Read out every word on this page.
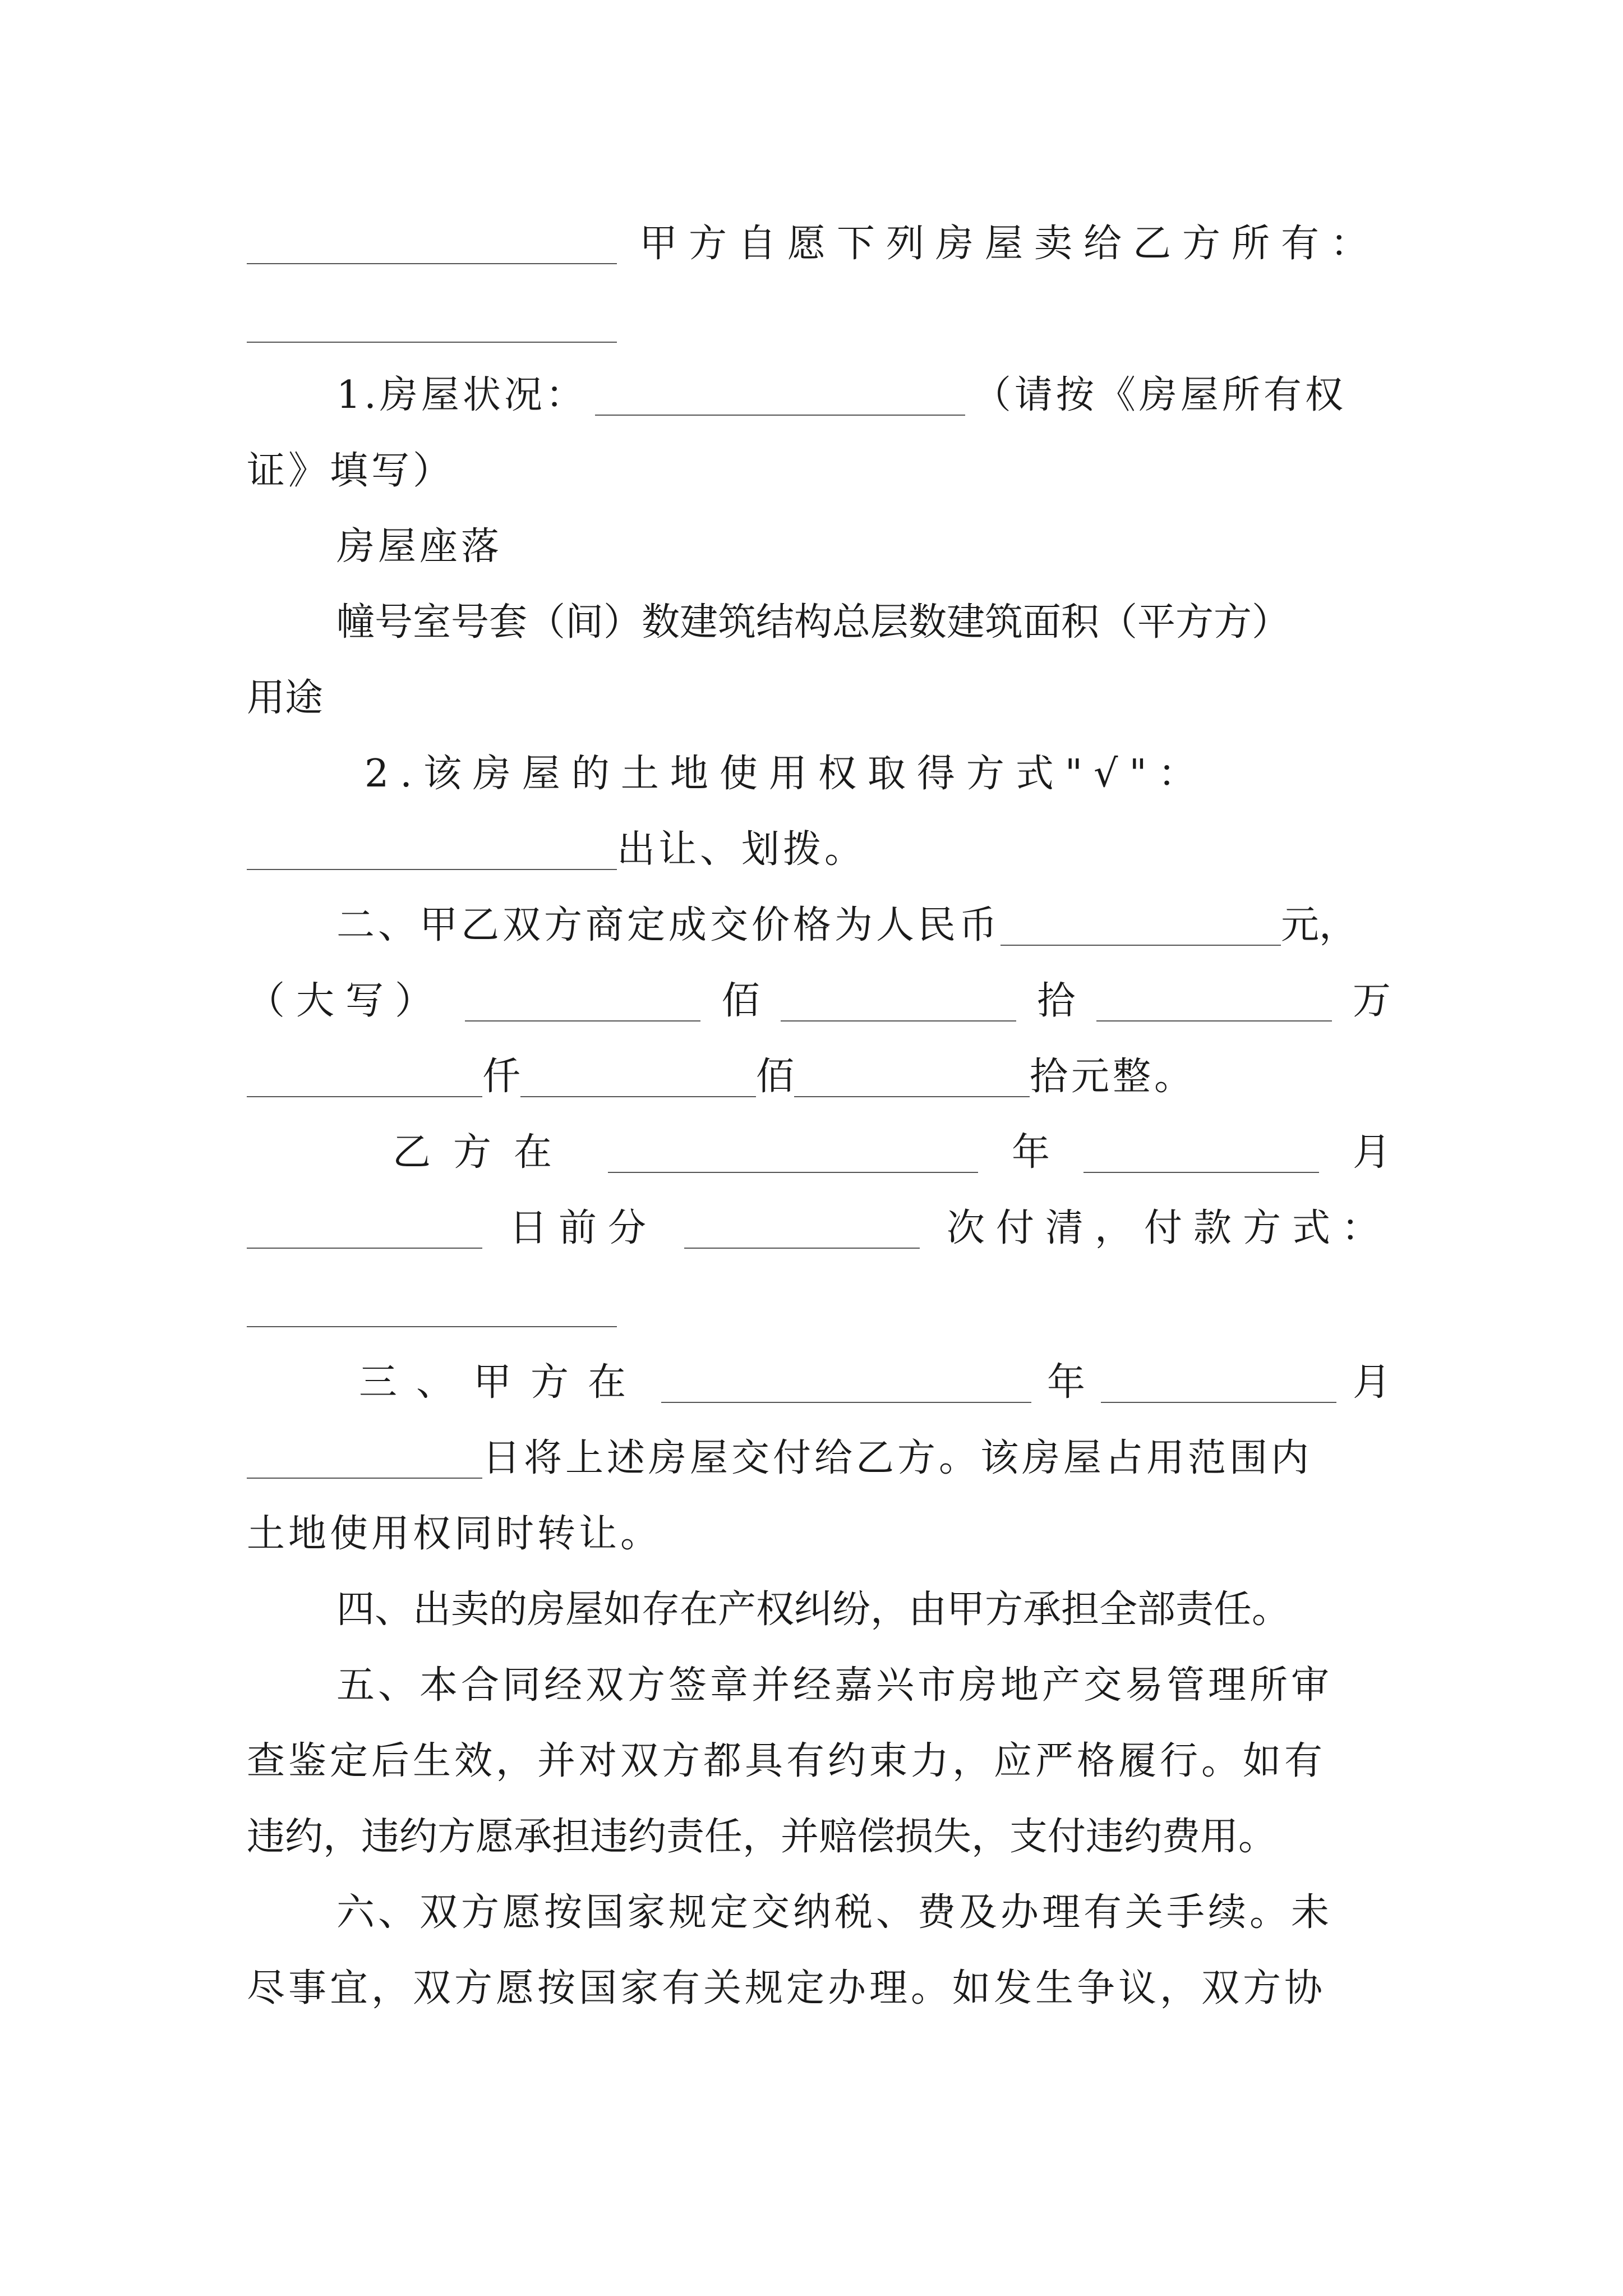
甲方自愿下列房屋卖给乙方所有：
1.房屋状况：	（请按《房屋所有权
证》填写）
房屋座落
幢号室号套（间）数建筑结构总层数建筑面积（平方方）
用途
2.该房屋的土地使用权取得方式"√"：
出让、划拨。
二、甲乙双方商定成交价格为人民币	元，
（大写）	佰	拾	万
仟	佰	拾元整。
乙方在	年	月
日前分	次付清，付款方式：
三、甲方在	年	月
日将上述房屋交付给乙方。该房屋占用范围内
土地使用权同时转让。
四、出卖的房屋如存在产权纠纷，由甲方承担全部责任。
五、本合同经双方签章并经嘉兴市房地产交易管理所审
查鉴定后生效，并对双方都具有约束力，应严格履行。如有
违约，违约方愿承担违约责任，并赔偿损失，支付违约费用。
六、双方愿按国家规定交纳税、费及办理有关手续。未
尽事宜，双方愿按国家有关规定办理。如发生争议，双方协
